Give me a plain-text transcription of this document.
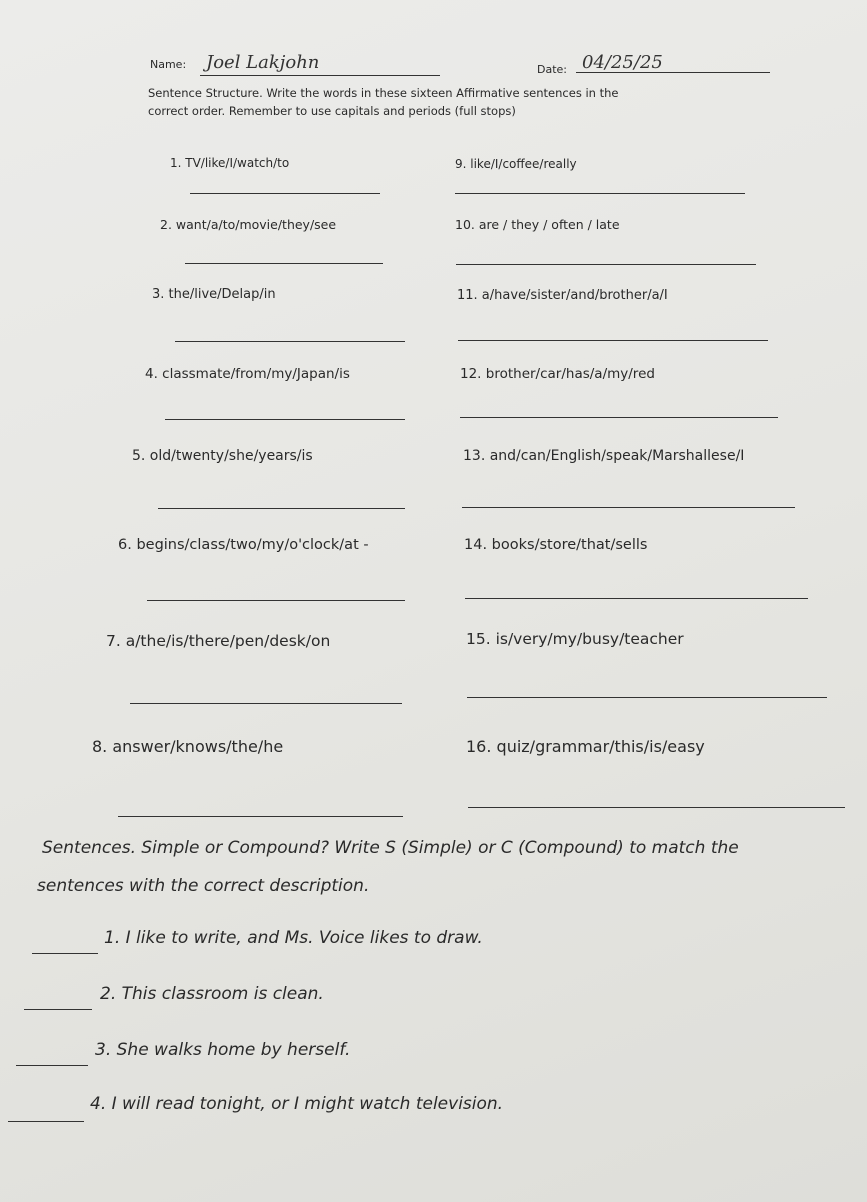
Name: Joel Lakjohn	Date: 04/25/25
Sentence Structure. Write the words in these sixteen Affirmative sentences in the
correct order. Remember to use capitals and periods (full stops)
1. TV/like/I/watch/to
2. want/a/to/movie/they/see
3. the/live/Delap/in
4. classmate/from/my/Japan/is
5. old/twenty/she/years/is
6. begins/class/two/my/o'clock/at -
7. a/the/is/there/pen/desk/on
8. answer/knows/the/he
9. like/I/coffee/really
10. are / they / often / late
11. a/have/sister/and/brother/a/I
12. brother/car/has/a/my/red
13. and/can/English/speak/Marshallese/I
14. books/store/that/sells
15. is/very/my/busy/teacher
16. quiz/grammar/this/is/easy
Sentences. Simple or Compound? Write S (Simple) or C (Compound) to match the
sentences with the correct description.
1. I like to write, and Ms. Voice likes to draw.
2. This classroom is clean.
3. She walks home by herself.
4. I will read tonight, or I might watch television.
